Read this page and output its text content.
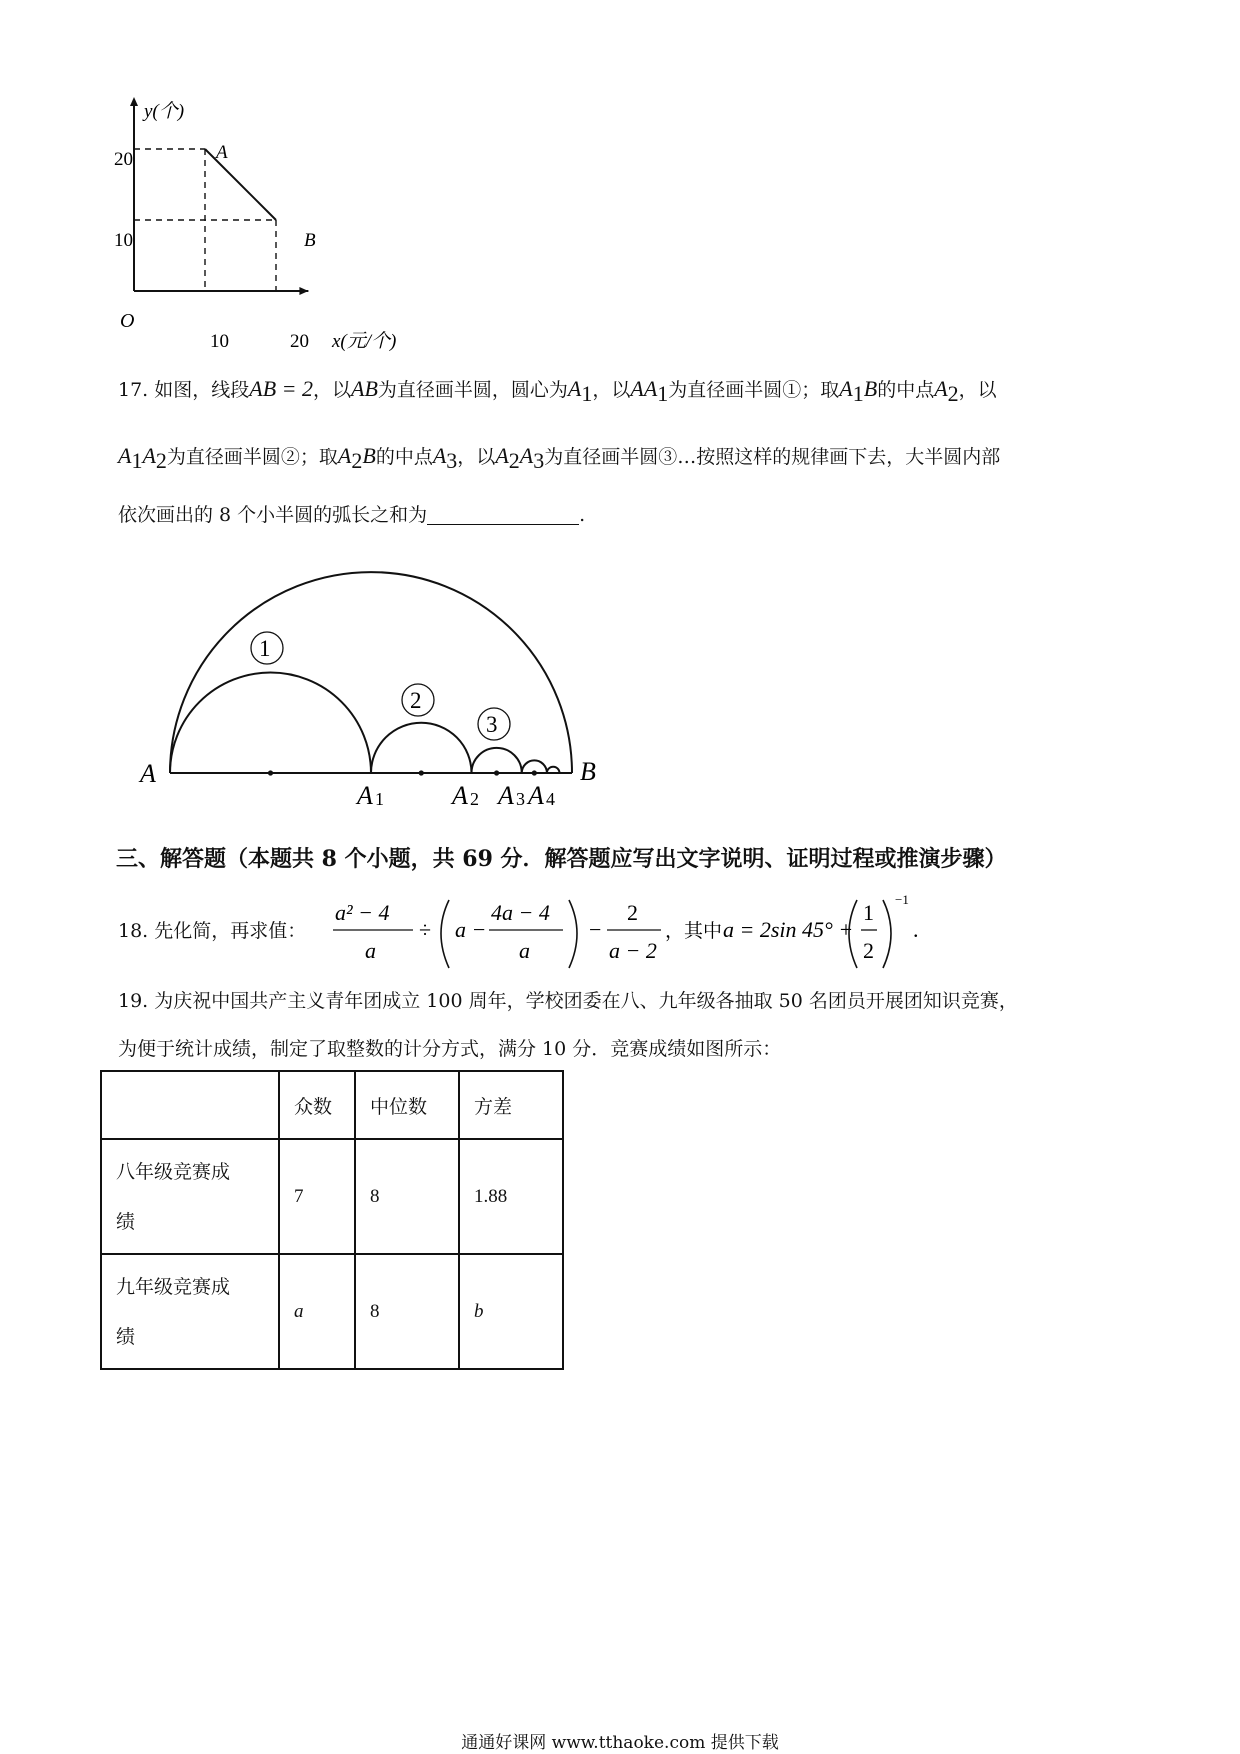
y(个)
x(元/个)
O
20
10
10	20
A
B
17. 如图，线段AB = 2，以AB为直径画半圆，圆心为$A_1$，以$AA_1$为直径画半圆①；取$A_1B$的中点$A_2$，以
$A_1A_2$为直径画半圆②；取$A_2B$的中点$A_3$，以$A_2A_3$为直径画半圆③…按照这样的规律画下去，大半圆内部
依次画出的 8 个小半圆的弧长之和为	.
1
2
3
A	B
A 1	A 2 A 3 A 4
三、解答题（本题共 8 个小题，共 69 分．解答题应写出文字说明、证明过程或推演步骤）
18. 先化简，再求值：
a² − 4
a
÷ a −
4a − 4
a
−
2
a − 2
，其中 a = 2sin 45° +
1
2
−1
.
19. 为庆祝中国共产主义青年团成立 100 周年，学校团委在八、九年级各抽取 50 名团员开展团知识竞赛，
为便于统计成绩，制定了取整数的计分方式，满分 10 分．竞赛成绩如图所示：
	众数	中位数	方差

八年级竞赛成
绩	7	8	1.88

九年级竞赛成
绩	a	8	b
通通好课网 www.tthaoke.com 提供下载
